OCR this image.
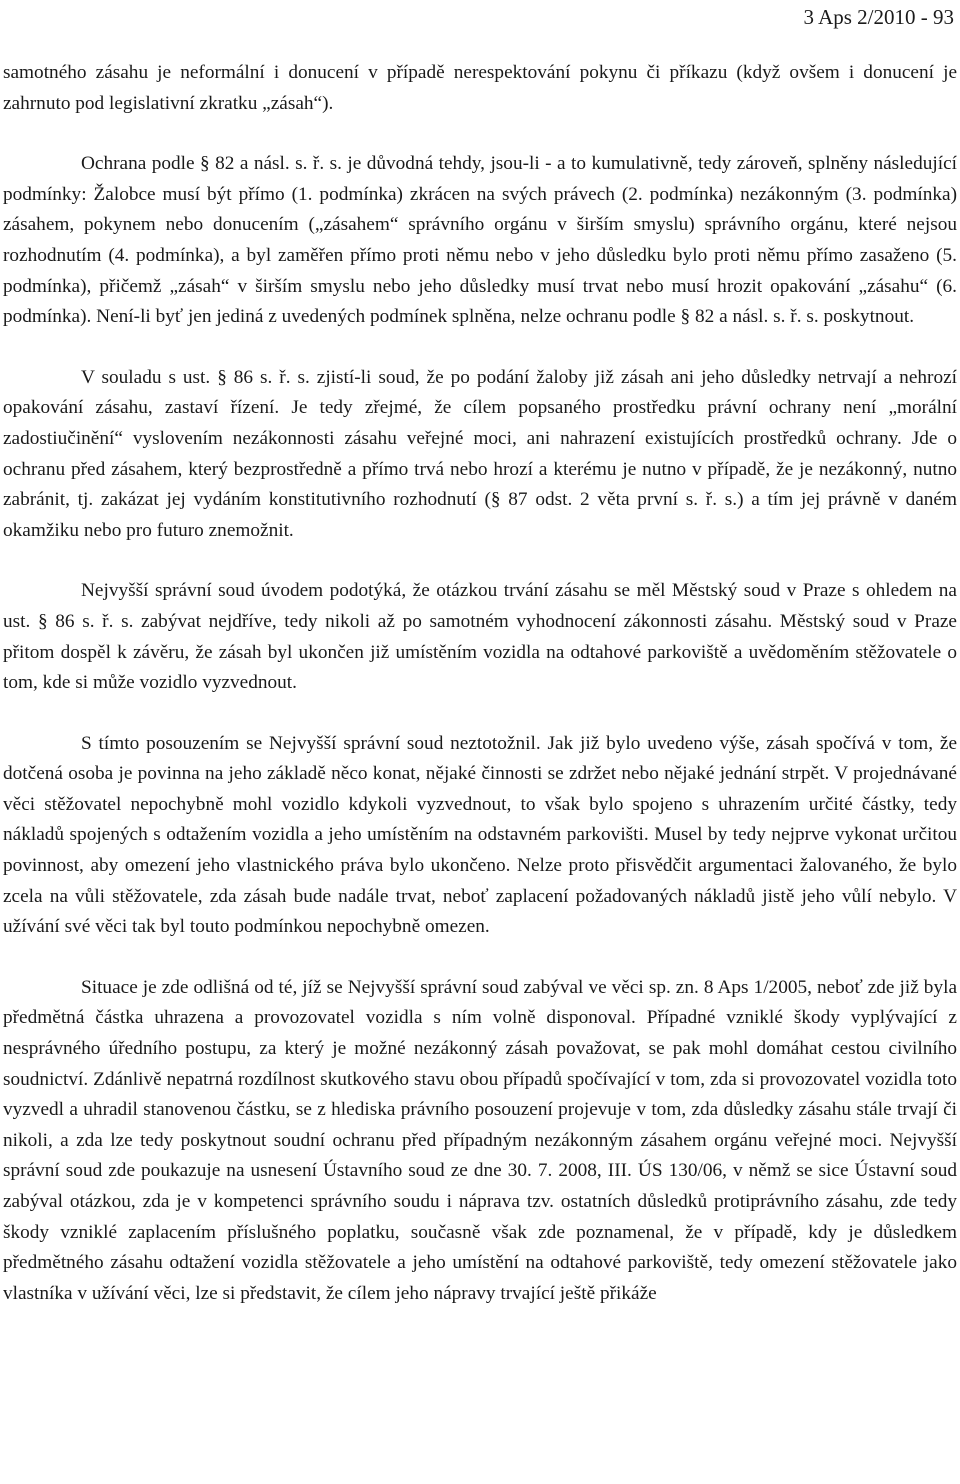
3 Aps 2/2010 - 93

samotného zásahu je neformální i donucení v případě nerespektování pokynu či příkazu (když ovšem i donucení je zahrnuto pod legislativní zkratku „zásah“).

Ochrana podle § 82 a násl. s. ř. s. je důvodná tehdy, jsou-li - a to kumulativně, tedy zároveň, splněny následující podmínky: Žalobce musí být přímo (1. podmínka) zkrácen na svých právech (2. podmínka) nezákonným (3. podmínka) zásahem, pokynem nebo donucením („zásahem“ správního orgánu v širším smyslu) správního orgánu, které nejsou rozhodnutím (4. podmínka), a byl zaměřen přímo proti němu nebo v jeho důsledku bylo proti němu přímo zasaženo (5. podmínka), přičemž „zásah“ v širším smyslu nebo jeho důsledky musí trvat nebo musí hrozit opakování „zásahu“ (6. podmínka). Není-li byť jen jediná z uvedených podmínek splněna, nelze ochranu podle § 82 a násl. s. ř. s. poskytnout.

V souladu s ust. § 86 s. ř. s. zjistí-li soud, že po podání žaloby již zásah ani jeho důsledky netrvají a nehrozí opakování zásahu, zastaví řízení. Je tedy zřejmé, že cílem popsaného prostředku právní ochrany není „morální zadostiučinění“ vyslovením nezákonnosti zásahu veřejné moci, ani nahrazení existujících prostředků ochrany. Jde o ochranu před zásahem, který bezprostředně a přímo trvá nebo hrozí a kterému je nutno v případě, že je nezákonný, nutno zabránit, tj. zakázat jej vydáním konstitutivního rozhodnutí (§ 87 odst. 2 věta první s. ř. s.) a tím jej právně v daném okamžiku nebo pro futuro znemožnit.

Nejvyšší správní soud úvodem podotýká, že otázkou trvání zásahu se měl Městský soud v Praze s ohledem na ust. § 86 s. ř. s. zabývat nejdříve, tedy nikoli až po samotném vyhodnocení zákonnosti zásahu. Městský soud v Praze přitom dospěl k závěru, že zásah byl ukončen již umístěním vozidla na odtahové parkoviště a uvědoměním stěžovatele o tom, kde si může vozidlo vyzvednout.

S tímto posouzením se Nejvyšší správní soud neztotožnil. Jak již bylo uvedeno výše, zásah spočívá v tom, že dotčená osoba je povinna na jeho základě něco konat, nějaké činnosti se zdržet nebo nějaké jednání strpět. V projednávané věci stěžovatel nepochybně mohl vozidlo kdykoli vyzvednout, to však bylo spojeno s uhrazením určité částky, tedy nákladů spojených s odtažením vozidla a jeho umístěním na odstavném parkovišti. Musel by tedy nejprve vykonat určitou povinnost, aby omezení jeho vlastnického práva bylo ukončeno. Nelze proto přisvědčit argumentaci žalovaného, že bylo zcela na vůli stěžovatele, zda zásah bude nadále trvat, neboť zaplacení požadovaných nákladů jistě jeho vůlí nebylo. V užívání své věci tak byl touto podmínkou nepochybně omezen.

Situace je zde odlišná od té, jíž se Nejvyšší správní soud zabýval ve věci sp. zn. 8 Aps 1/2005, neboť zde již byla předmětná částka uhrazena a provozovatel vozidla s ním volně disponoval. Případné vzniklé škody vyplývající z nesprávného úředního postupu, za který je možné nezákonný zásah považovat, se pak mohl domáhat cestou civilního soudnictví. Zdánlivě nepatrná rozdílnost skutkového stavu obou případů spočívající v tom, zda si provozovatel vozidla toto vyzvedl a uhradil stanovenou částku, se z hlediska právního posouzení projevuje v tom, zda důsledky zásahu stále trvají či nikoli, a zda lze tedy poskytnout soudní ochranu před případným nezákonným zásahem orgánu veřejné moci. Nejvyšší správní soud zde poukazuje na usnesení Ústavního soud ze dne 30. 7. 2008, III. ÚS 130/06, v němž se sice Ústavní soud zabýval otázkou, zda je v kompetenci správního soudu i náprava tzv. ostatních důsledků protiprávního zásahu, zde tedy škody vzniklé zaplacením příslušného poplatku, současně však zde poznamenal, že v případě, kdy je důsledkem předmětného zásahu odtažení vozidla stěžovatele a jeho umístění na odtahové parkoviště, tedy omezení stěžovatele jako vlastníka v užívání věci, lze si představit, že cílem jeho nápravy trvající ještě přikáže
